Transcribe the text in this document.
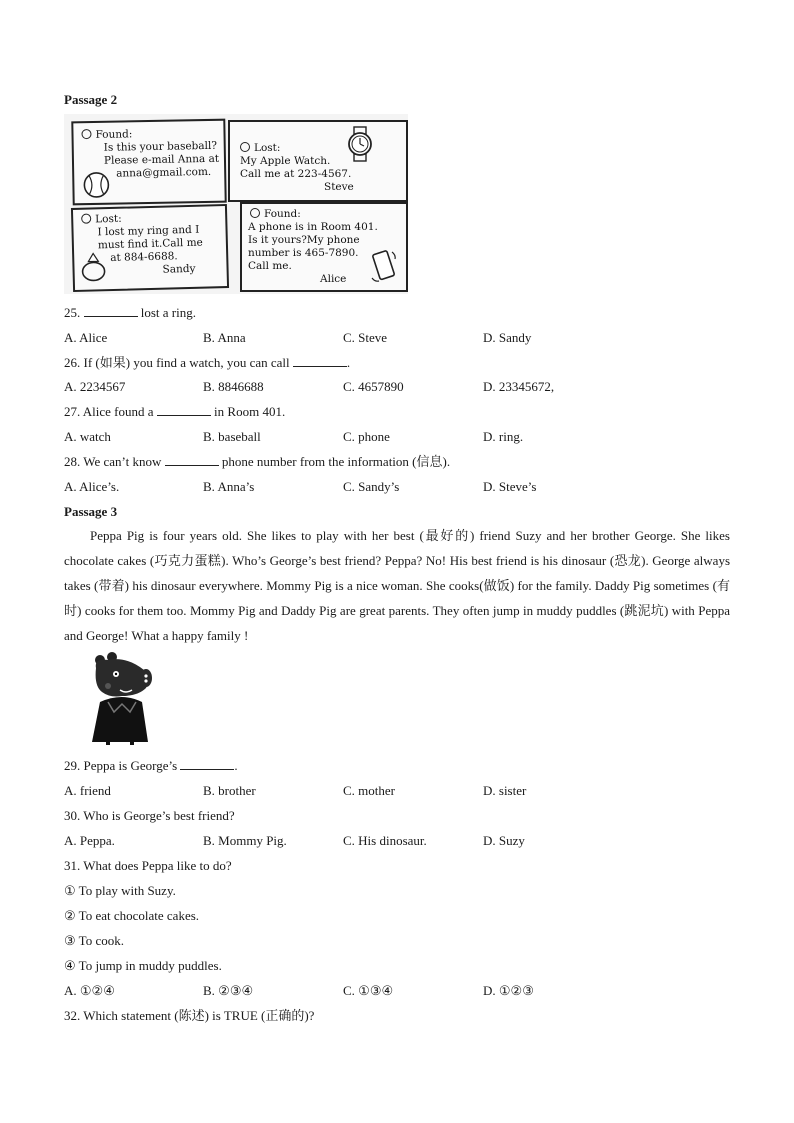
Passage 2
Found:
Is this your baseball?
Please e-mail Anna at
anna@gmail.com.
Lost:
My Apple Watch.
Call me at 223-4567.
Steve
Lost:
I lost my ring and I
must find it.Call me
at 884-6688.
Sandy
Found:
A phone is in Room 401.
Is it yours?My phone
number is 465-7890.
Call me.
Alice
25.	lost a ring.
A. Alice	B. Anna	C. Steve	D. Sandy
26. If (如果) you find a watch, you can call	.
A. 2234567	B. 8846688	C. 4657890	D. 23345672,
27. Alice found a	in Room 401.
A. watch	B. baseball	C. phone	D. ring.
28. We can’t know	phone number from the information (信息).
A. Alice’s.	B. Anna’s	C. Sandy’s	D. Steve’s
Passage 3
Peppa Pig is four years old. She likes to play with her best (最好的) friend Suzy and her brother George. She likes chocolate cakes (巧克力蛋糕). Who’s George’s best friend? Peppa? No! His best friend is his dinosaur (恐龙). George always takes (带着) his dinosaur everywhere. Mommy Pig is a nice woman. She cooks(做饭) for the family. Daddy Pig sometimes (有时) cooks for them too. Mommy Pig and Daddy Pig are great parents. They often jump in muddy puddles (跳泥坑) with Peppa and George! What a happy family !
29. Peppa is George’s	.
A. friend	B. brother	C. mother	D. sister
30. Who is George’s best friend?
A. Peppa.	B. Mommy Pig.	C. His dinosaur.	D. Suzy
31. What does Peppa like to do?
① To play with Suzy.
② To eat chocolate cakes.
③ To cook.
④ To jump in muddy puddles.
A. ①②④	B. ②③④	C. ①③④	D. ①②③
32. Which statement (陈述) is TRUE (正确的)?
